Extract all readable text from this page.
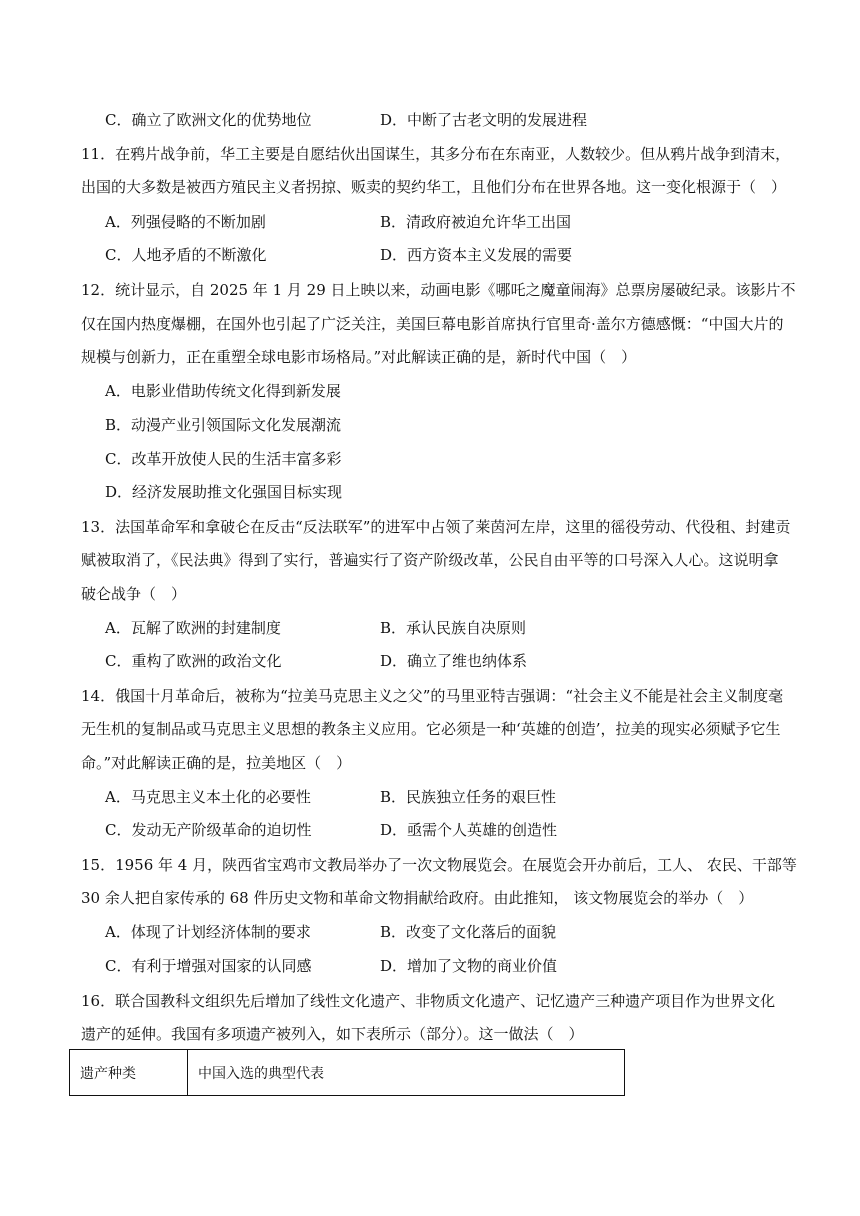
C．确立了欧洲文化的优势地位	D．中断了古老文明的发展进程
11．在鸦片战争前，华工主要是自愿结伙出国谋生，其多分布在东南亚，人数较少。但从鸦片战争到清末，
出国的大多数是被西方殖民主义者拐掠、贩卖的契约华工，且他们分布在世界各地。这一变化根源于（　）
A．列强侵略的不断加剧	B．清政府被迫允许华工出国
C．人地矛盾的不断激化	D．西方资本主义发展的需要
12．统计显示，自 2025 年 1 月 29 日上映以来，动画电影《哪吒之魔童闹海》总票房屡破纪录。该影片不
仅在国内热度爆棚，在国外也引起了广泛关注，美国巨幕电影首席执行官里奇·盖尔方德感慨：“中国大片的
规模与创新力，正在重塑全球电影市场格局。”对此解读正确的是，新时代中国（　）
A．电影业借助传统文化得到新发展
B．动漫产业引领国际文化发展潮流
C．改革开放使人民的生活丰富多彩
D．经济发展助推文化强国目标实现
13．法国革命军和拿破仑在反击“反法联军”的进军中占领了莱茵河左岸，这里的徭役劳动、代役租、封建贡
赋被取消了，《民法典》得到了实行，普遍实行了资产阶级改革，公民自由平等的口号深入人心。这说明拿
破仑战争（　）
A．瓦解了欧洲的封建制度	B．承认民族自决原则
C．重构了欧洲的政治文化	D．确立了维也纳体系
14．俄国十月革命后，被称为“拉美马克思主义之父”的马里亚特吉强调：“社会主义不能是社会主义制度毫
无生机的复制品或马克思主义思想的教条主义应用。它必须是一种‘英雄的创造’，拉美的现实必须赋予它生
命。”对此解读正确的是，拉美地区（　）
A．马克思主义本土化的必要性	B．民族独立任务的艰巨性
C．发动无产阶级革命的迫切性	D．亟需个人英雄的创造性
15．1956 年 4 月，陕西省宝鸡市文教局举办了一次文物展览会。在展览会开办前后，工人、 农民、干部等
30 余人把自家传承的 68 件历史文物和革命文物捐献给政府。由此推知， 该文物展览会的举办（　）
A．体现了计划经济体制的要求	B．改变了文化落后的面貌
C．有利于增强对国家的认同感	D．增加了文物的商业价值
16．联合国教科文组织先后增加了线性文化遗产、非物质文化遗产、记忆遗产三种遗产项目作为世界文化
遗产的延伸。我国有多项遗产被列入，如下表所示（部分）。这一做法（　）
遗产种类	中国入选的典型代表
